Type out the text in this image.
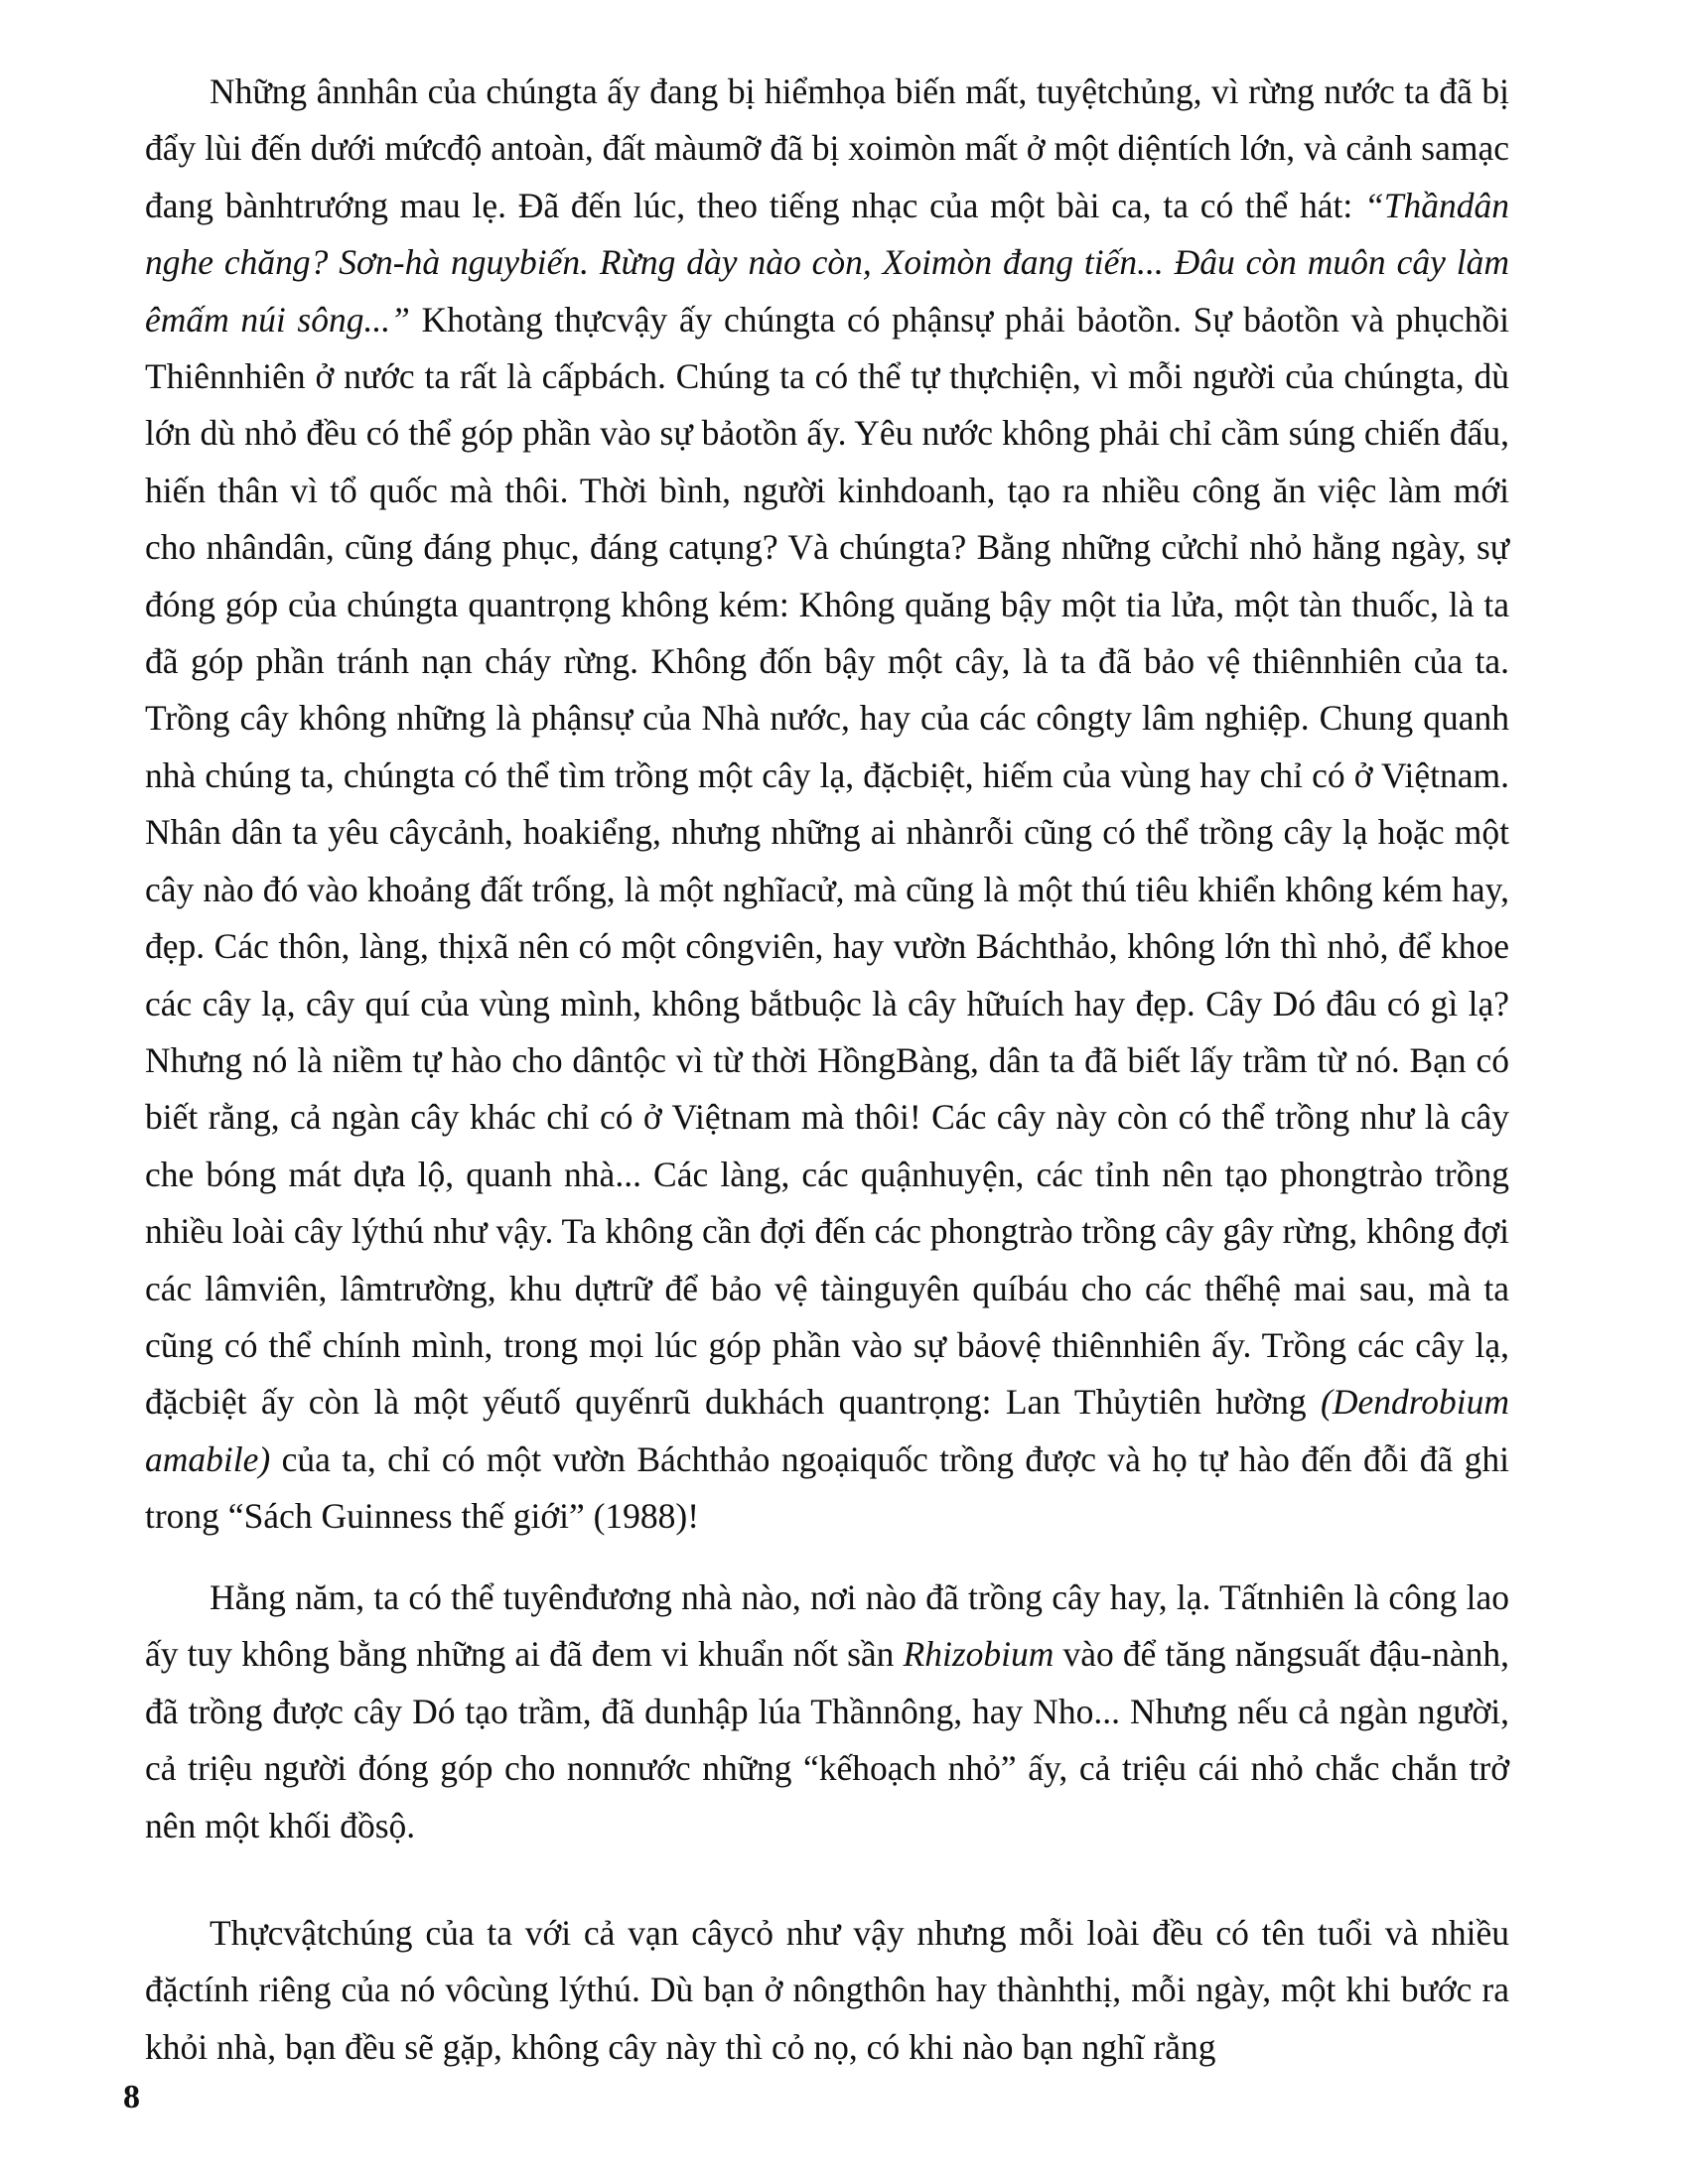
Những ânnhân của chúngta ấy đang bị hiểmhọa biến mất, tuyệtchủng, vì rừng nước ta đã bị đẩy lùi đến dưới mứcđộ antoàn, đất màumỡ đã bị xoimòn mất ở một diệntích lớn, và cảnh samạc đang bànhtrướng mau lẹ. Đã đến lúc, theo tiếng nhạc của một bài ca, ta có thể hát: “Thầndân nghe chăng? Sơn-hà nguybiến. Rừng dày nào còn, Xoimòn đang tiến... Đâu còn muôn cây làm êmấm núi sông...” Khotàng thựcvậy ấy chúngta có phậnsự phải bảotồn. Sự bảotồn và phụchồi Thiênnhiên ở nước ta rất là cấpbách. Chúng ta có thể tự thựchiện, vì mỗi người của chúngta, dù lớn dù nhỏ đều có thể góp phần vào sự bảotồn ấy. Yêu nước không phải chỉ cầm súng chiến đấu, hiến thân vì tổ quốc mà thôi. Thời bình, người kinhdoanh, tạo ra nhiều công ăn việc làm mới cho nhândân, cũng đáng phục, đáng catụng? Và chúngta? Bằng những cửchỉ nhỏ hằng ngày, sự đóng góp của chúngta quantrọng không kém: Không quăng bậy một tia lửa, một tàn thuốc, là ta đã góp phần tránh nạn cháy rừng. Không đốn bậy một cây, là ta đã bảo vệ thiênnhiên của ta. Trồng cây không những là phậnsự của Nhà nước, hay của các côngty lâm nghiệp. Chung quanh nhà chúng ta, chúngta có thể tìm trồng một cây lạ, đặcbiệt, hiếm của vùng hay chỉ có ở Việtnam. Nhân dân ta yêu câycảnh, hoakiểng, nhưng những ai nhànrỗi cũng có thể trồng cây lạ hoặc một cây nào đó vào khoảng đất trống, là một nghĩacử, mà cũng là một thú tiêu khiển không kém hay, đẹp. Các thôn, làng, thịxã nên có một côngviên, hay vườn Báchthảo, không lớn thì nhỏ, để khoe các cây lạ, cây quí của vùng mình, không bắtbuộc là cây hữuích hay đẹp. Cây Dó đâu có gì lạ? Nhưng nó là niềm tự hào cho dântộc vì từ thời HồngBàng, dân ta đã biết lấy trầm từ nó. Bạn có biết rằng, cả ngàn cây khác chỉ có ở Việtnam mà thôi! Các cây này còn có thể trồng như là cây che bóng mát dựa lộ, quanh nhà... Các làng, các quậnhuyện, các tỉnh nên tạo phongtrào trồng nhiều loài cây lýthú như vậy. Ta không cần đợi đến các phongtrào trồng cây gây rừng, không đợi các lâmviên, lâmtrường, khu dựtrữ để bảo vệ tàinguyên quíbáu cho các thếhệ mai sau, mà ta cũng có thể chính mình, trong mọi lúc góp phần vào sự bảovệ thiênnhiên ấy. Trồng các cây lạ, đặcbiệt ấy còn là một yếutố quyếnrũ dukhách quantrọng: Lan Thủytiên hường (Dendrobium amabile) của ta, chỉ có một vườn Báchthảo ngoạiquốc trồng được và họ tự hào đến đỗi đã ghi trong “Sách Guinness thế giới” (1988)!

Hằng năm, ta có thể tuyênđương nhà nào, nơi nào đã trồng cây hay, lạ. Tấtnhiên là công lao ấy tuy không bằng những ai đã đem vi khuẩn nốt sần Rhizobium vào để tăng năngsuất đậu-nành, đã trồng được cây Dó tạo trầm, đã dunhập lúa Thầnnông, hay Nho... Nhưng nếu cả ngàn người, cả triệu người đóng góp cho nonnước những “kếhoạch nhỏ” ấy, cả triệu cái nhỏ chắc chắn trở nên một khối đồsộ.

Thựcvậtchúng của ta với cả vạn câycỏ như vậy nhưng mỗi loài đều có tên tuổi và nhiều đặctính riêng của nó vôcùng lýthú. Dù bạn ở nôngthôn hay thànhthị, mỗi ngày, một khi bước ra khỏi nhà, bạn đều sẽ gặp, không cây này thì cỏ nọ, có khi nào bạn nghĩ rằng

8
